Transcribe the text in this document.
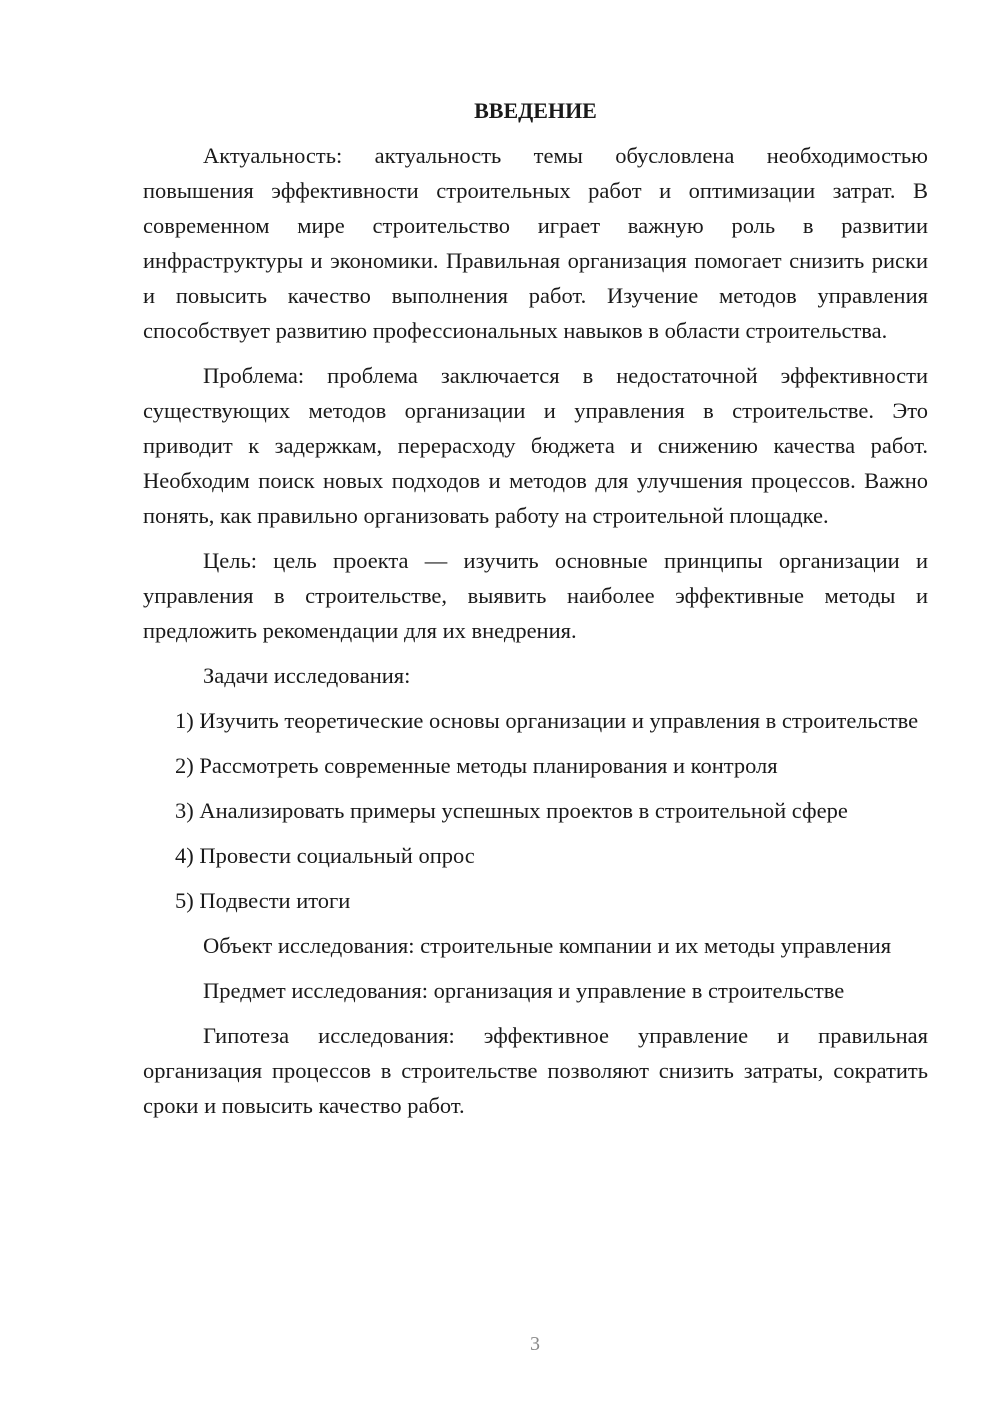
ВВЕДЕНИЕ

Актуальность: актуальность темы обусловлена необходимостью повышения эффективности строительных работ и оптимизации затрат. В современном мире строительство играет важную роль в развитии инфраструктуры и экономики. Правильная организация помогает снизить риски и повысить качество выполнения работ. Изучение методов управления способствует развитию профессиональных навыков в области строительства.

Проблема: проблема заключается в недостаточной эффективности существующих методов организации и управления в строительстве. Это приводит к задержкам, перерасходу бюджета и снижению качества работ. Необходим поиск новых подходов и методов для улучшения процессов. Важно понять, как правильно организовать работу на строительной площадке.

Цель: цель проекта — изучить основные принципы организации и управления в строительстве, выявить наиболее эффективные методы и предложить рекомендации для их внедрения.

Задачи исследования:

1) Изучить теоретические основы организации и управления в строительстве

2) Рассмотреть современные методы планирования и контроля

3) Анализировать примеры успешных проектов в строительной сфере

4) Провести социальный опрос

5) Подвести итоги

Объект исследования: строительные компании и их методы управления

Предмет исследования: организация и управление в строительстве

Гипотеза исследования: эффективное управление и правильная организация процессов в строительстве позволяют снизить затраты, сократить сроки и повысить качество работ.

3
